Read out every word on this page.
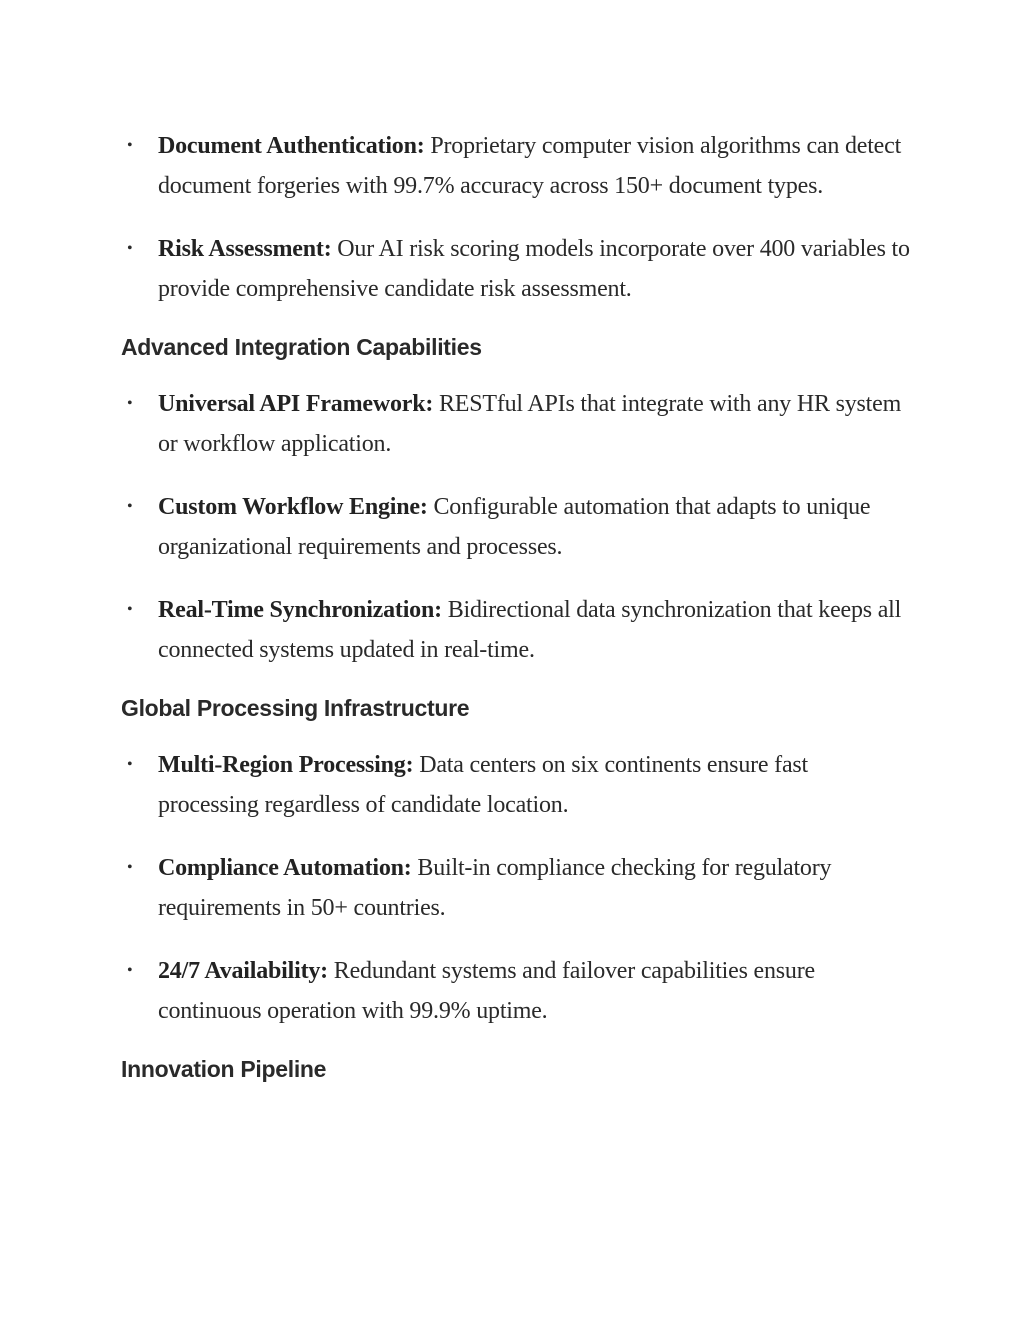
• Document Authentication: Proprietary computer vision algorithms can detect document forgeries with 99.7% accuracy across 150+ document types.
• Risk Assessment: Our AI risk scoring models incorporate over 400 variables to provide comprehensive candidate risk assessment.
Advanced Integration Capabilities
• Universal API Framework: RESTful APIs that integrate with any HR system or workflow application.
• Custom Workflow Engine: Configurable automation that adapts to unique organizational requirements and processes.
• Real-Time Synchronization: Bidirectional data synchronization that keeps all connected systems updated in real-time.
Global Processing Infrastructure
• Multi-Region Processing: Data centers on six continents ensure fast processing regardless of candidate location.
• Compliance Automation: Built-in compliance checking for regulatory requirements in 50+ countries.
• 24/7 Availability: Redundant systems and failover capabilities ensure continuous operation with 99.9% uptime.
Innovation Pipeline
